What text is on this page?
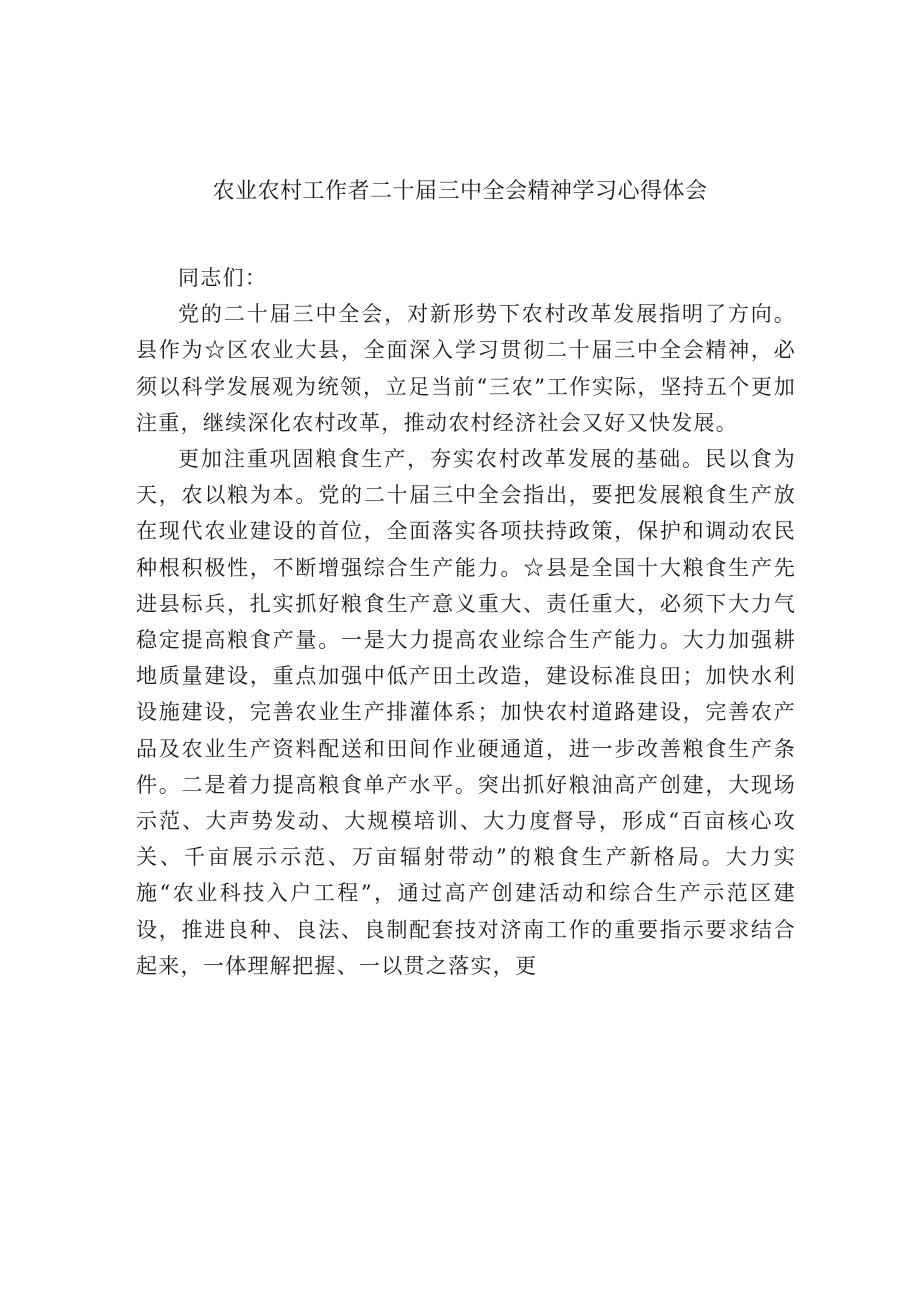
农业农村工作者二十届三中全会精神学习心得体会

同志们：

党的二十届三中全会，对新形势下农村改革发展指明了方向。县作为☆区农业大县，全面深入学习贯彻二十届三中全会精神，必须以科学发展观为统领，立足当前“三农”工作实际，坚持五个更加注重，继续深化农村改革，推动农村经济社会又好又快发展。

更加注重巩固粮食生产，夯实农村改革发展的基础。民以食为天，农以粮为本。党的二十届三中全会指出，要把发展粮食生产放在现代农业建设的首位，全面落实各项扶持政策，保护和调动农民种根积极性，不断增强综合生产能力。☆县是全国十大粮食生产先进县标兵，扎实抓好粮食生产意义重大、责任重大，必须下大力气稳定提高粮食产量。一是大力提高农业综合生产能力。大力加强耕地质量建设，重点加强中低产田土改造，建设标准良田；加快水利设施建设，完善农业生产排灌体系；加快农村道路建设，完善农产品及农业生产资料配送和田间作业硬通道，进一步改善粮食生产条件。二是着力提高粮食单产水平。突出抓好粮油高产创建，大现场示范、大声势发动、大规模培训、大力度督导，形成“百亩核心攻关、千亩展示示范、万亩辐射带动”的粮食生产新格局。大力实施“农业科技入户工程”，通过高产创建活动和综合生产示范区建设，推进良种、良法、良制配套技对济南工作的重要指示要求结合起来，一体理解把握、一以贯之落实，更
